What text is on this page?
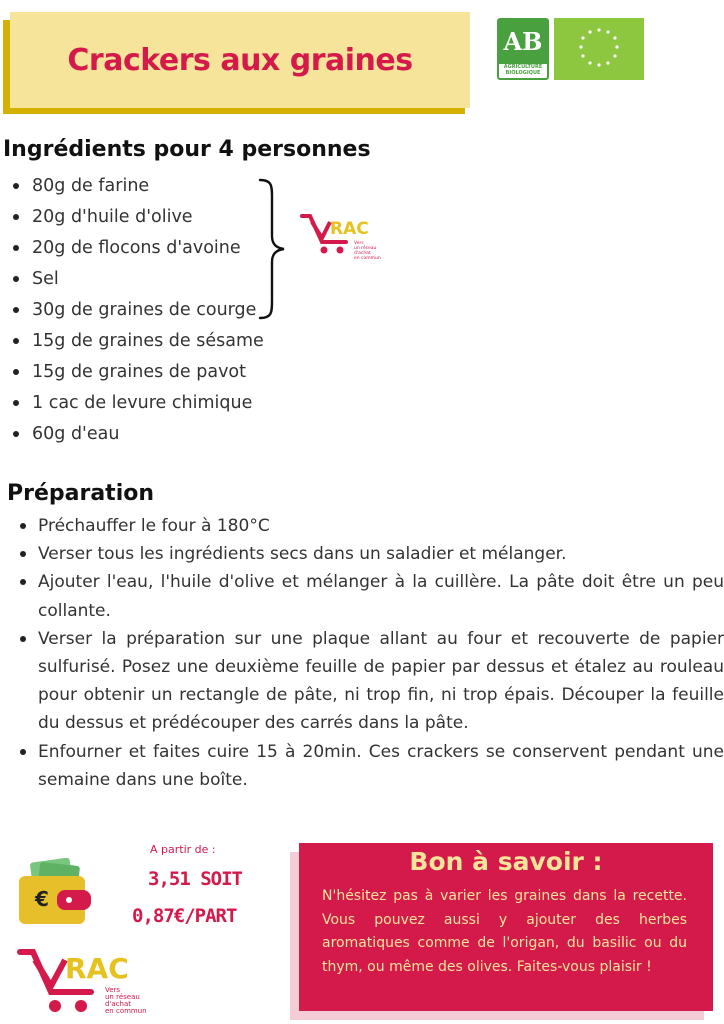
Crackers aux graines
AB
AGRICULTURE
BIOLOGIQUE
Ingrédients pour 4 personnes
80g de farine
20g d'huile d'olive
20g de flocons d'avoine
Sel
30g de graines de courge
15g de graines de sésame
15g de graines de pavot
1 cac de levure chimique
60g d'eau
RAC
Vers
un réseau
d'achat
en commun
Préparation
Préchauffer le four à 180°C
Verser tous les ingrédients secs dans un saladier et mélanger.
Ajouter l'eau, l'huile d'olive et mélanger à la cuillère. La pâte doit être un peu collante.
Verser la préparation sur une plaque allant au four et recouverte de papier sulfurisé. Posez une deuxième feuille de papier par dessus et étalez au rouleau pour obtenir un rectangle de pâte, ni trop fin, ni trop épais. Découper la feuille du dessus et prédécouper des carrés dans la pâte.
Enfourner et faites cuire 15 à 20min. Ces crackers se conservent pendant une semaine dans une boîte.
€
A partir de :
3,51 SOIT
0,87€/PART
RAC
Vers
un réseau
d'achat
en commun
Bon à savoir :
N'hésitez pas à varier les graines dans la recette. Vous pouvez aussi y ajouter des herbes aromatiques comme de l'origan, du basilic ou du thym, ou même des olives. Faites-vous plaisir !
